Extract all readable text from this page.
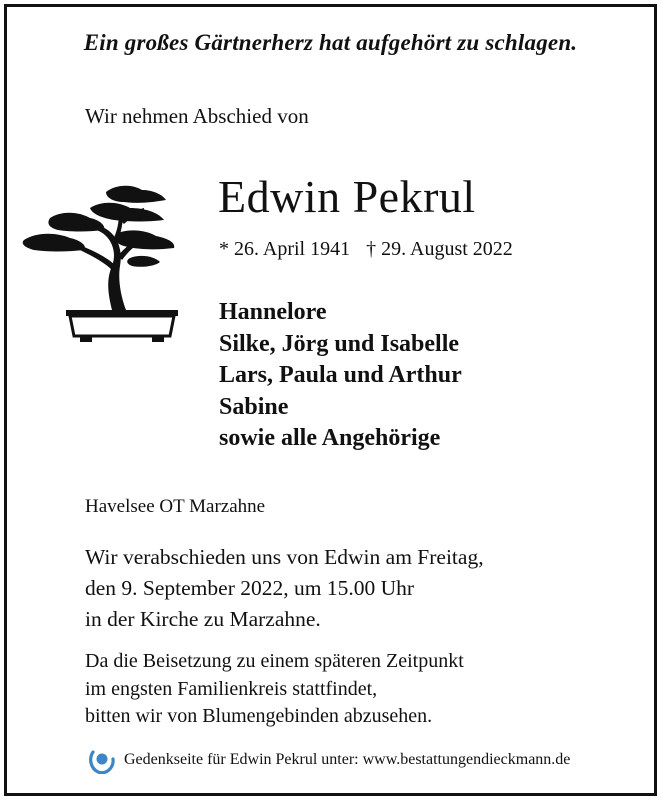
Ein großes Gärtnerherz hat aufgehört zu schlagen.
Wir nehmen Abschied von
Edwin Pekrul
* 26. April 1941 † 29. August 2022
Hannelore
Silke, Jörg und Isabelle
Lars, Paula und Arthur
Sabine
sowie alle Angehörige
Havelsee OT Marzahne
Wir verabschieden uns von Edwin am Freitag,
den 9. September 2022, um 15.00 Uhr
in der Kirche zu Marzahne.
Da die Beisetzung zu einem späteren Zeitpunkt
im engsten Familienkreis stattfindet,
bitten wir von Blumengebinden abzusehen.
Gedenkseite für Edwin Pekrul unter: www.bestattungendieckmann.de
